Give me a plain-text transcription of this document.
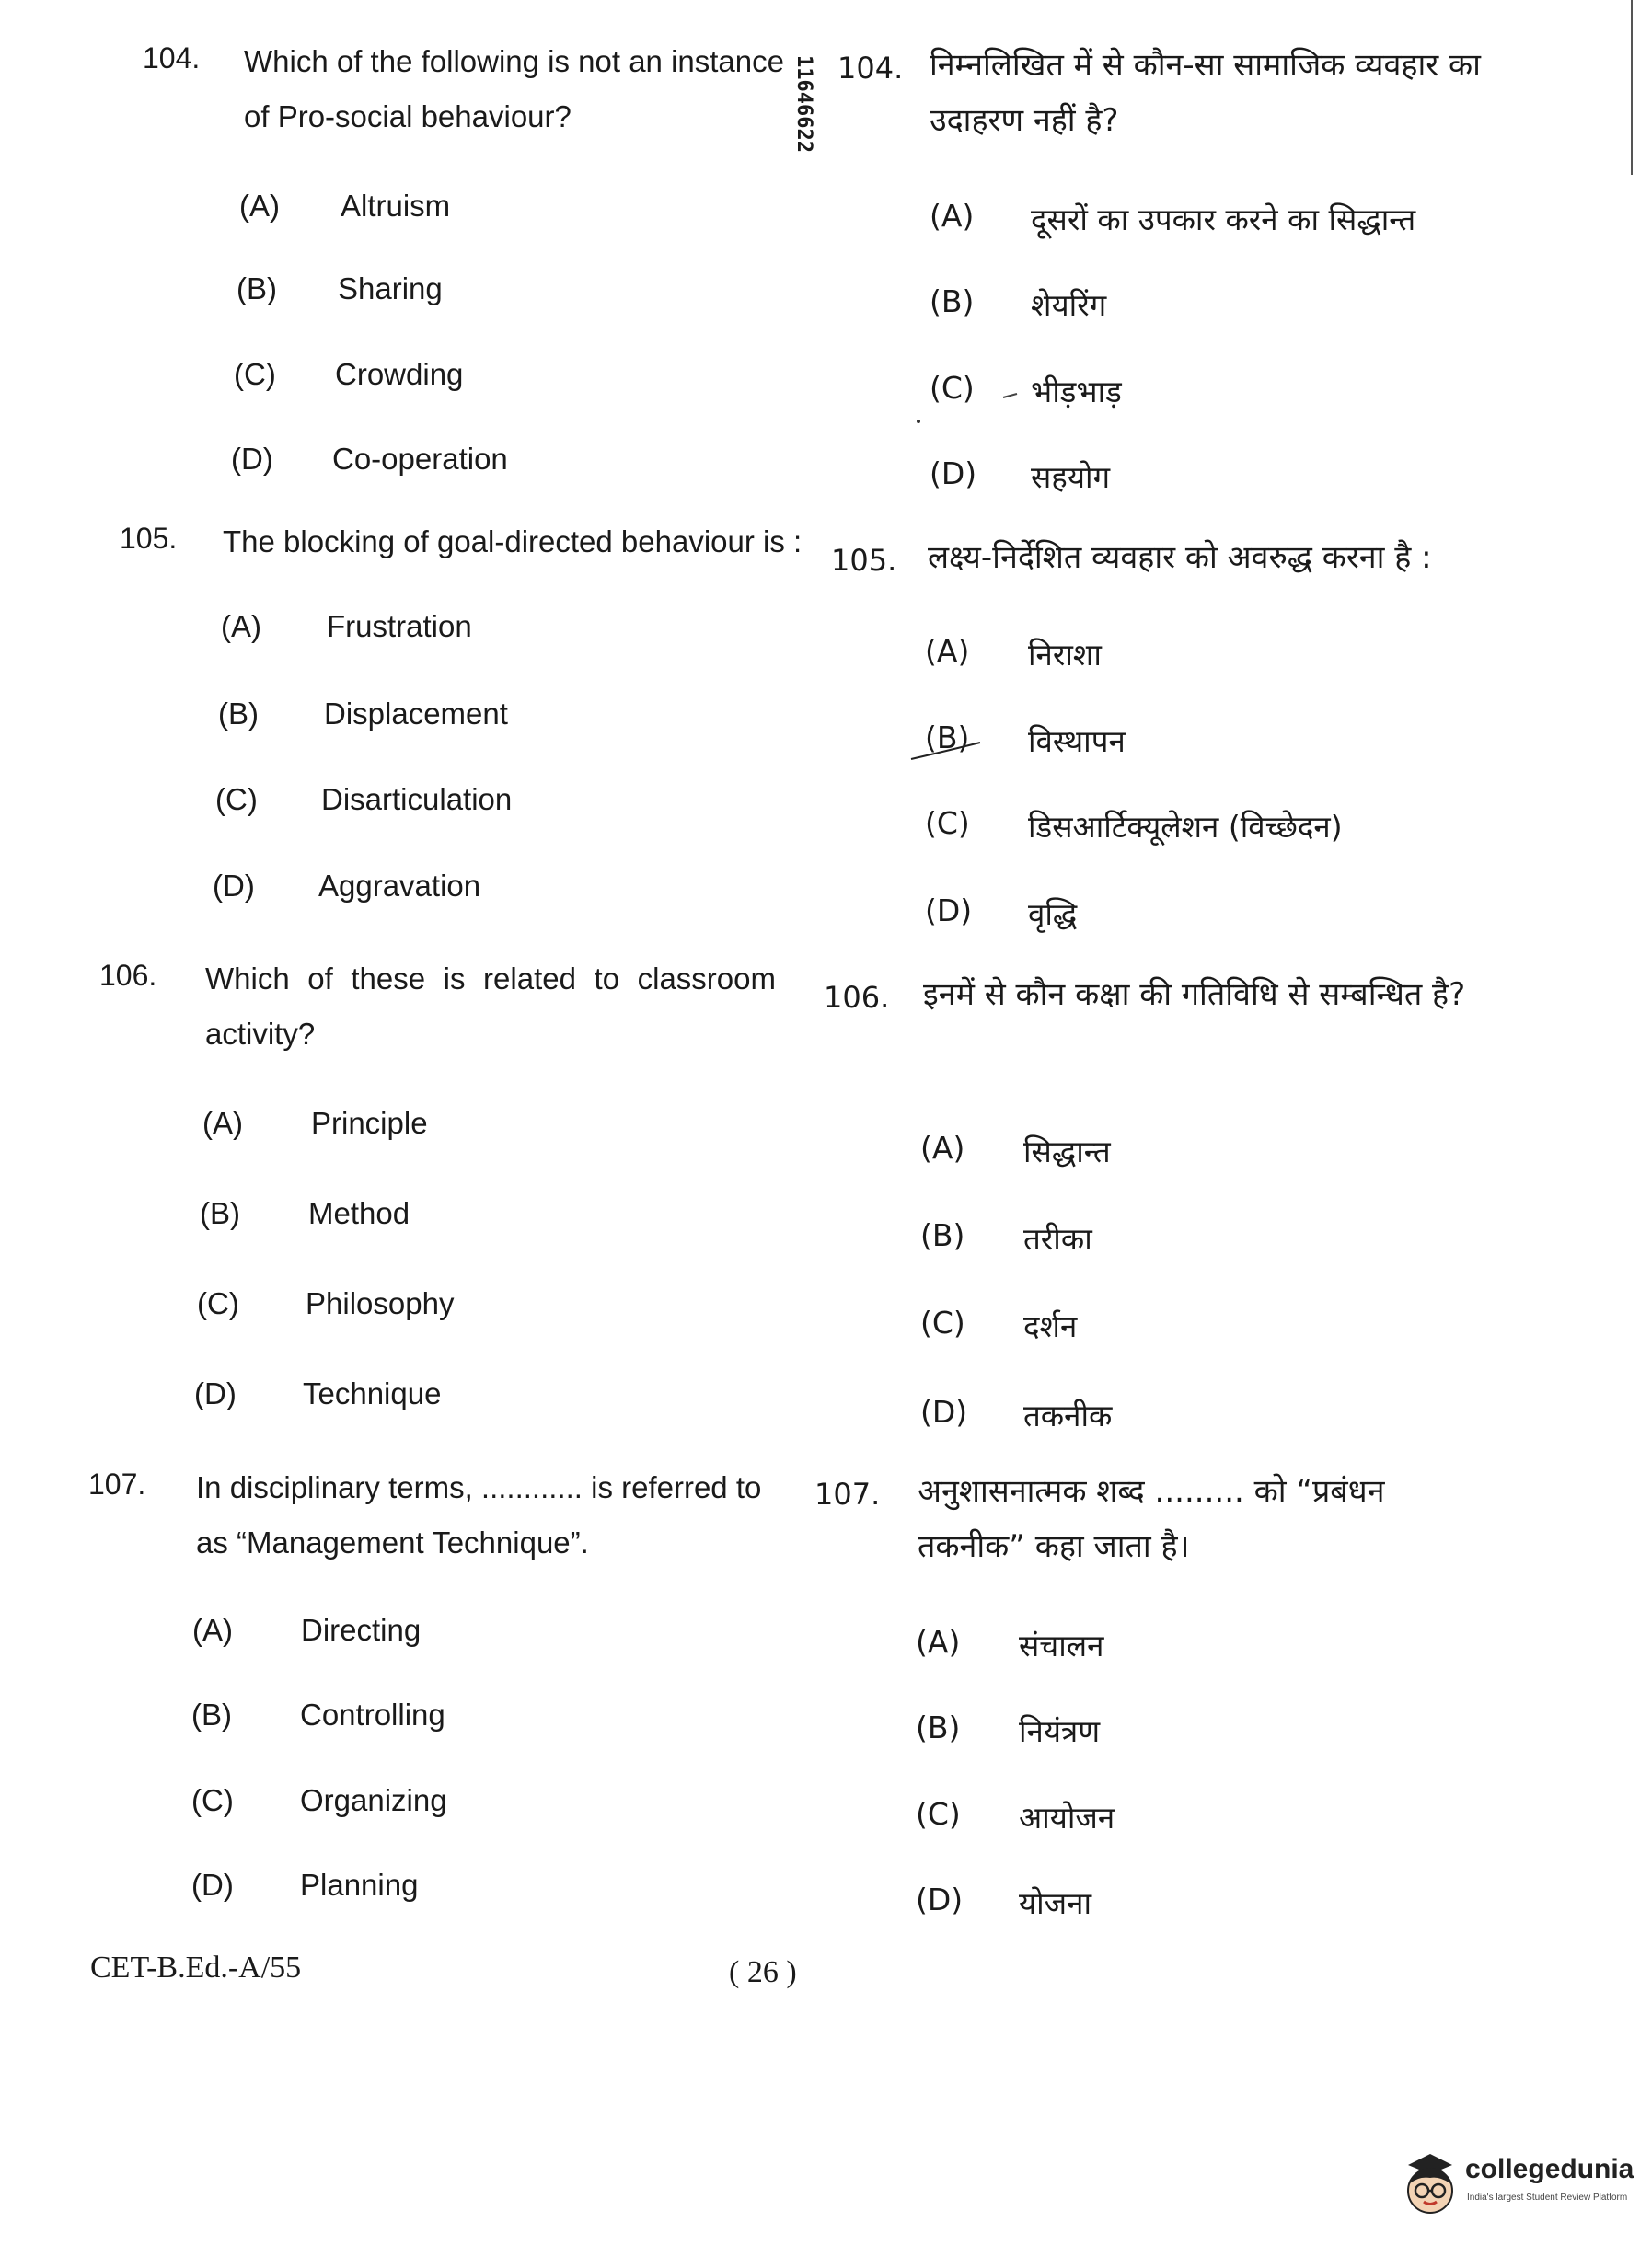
11646622
104. Which of the following is not an instance of Pro-social behaviour?
(A) Altruism
(B) Sharing
(C) Crowding
(D) Co-operation
105. The blocking of goal-directed behaviour is :
(A) Frustration
(B) Displacement
(C) Disarticulation
(D) Aggravation
106. Which of these is related to classroom activity?
(A) Principle
(B) Method
(C) Philosophy
(D) Technique
107. In disciplinary terms, ............ is referred to as “Management Technique”.
(A) Directing
(B) Controlling
(C) Organizing
(D) Planning
104. निम्नलिखित में से कौन-सा सामाजिक व्यवहार का उदाहरण नहीं है?
(A) दूसरों का उपकार करने का सिद्धान्त
(B) शेयरिंग
(C) भीड़भाड़
(D) सहयोग
105. लक्ष्य-निर्देशित व्यवहार को अवरुद्ध करना है :
(A) निराशा
(B) विस्थापन
(C) डिसआर्टिक्यूलेशन (विच्छेदन)
(D) वृद्धि
106. इनमें से कौन कक्षा की गतिविधि से सम्बन्धित है?
(A) सिद्धान्त
(B) तरीका
(C) दर्शन
(D) तकनीक
107. अनुशासनात्मक शब्द ......... को “प्रबंधन तकनीक” कहा जाता है।
(A) संचालन
(B) नियंत्रण
(C) आयोजन
(D) योजना
CET-B.Ed.-A/55	( 26 )
collegedunia
India's largest Student Review Platform
